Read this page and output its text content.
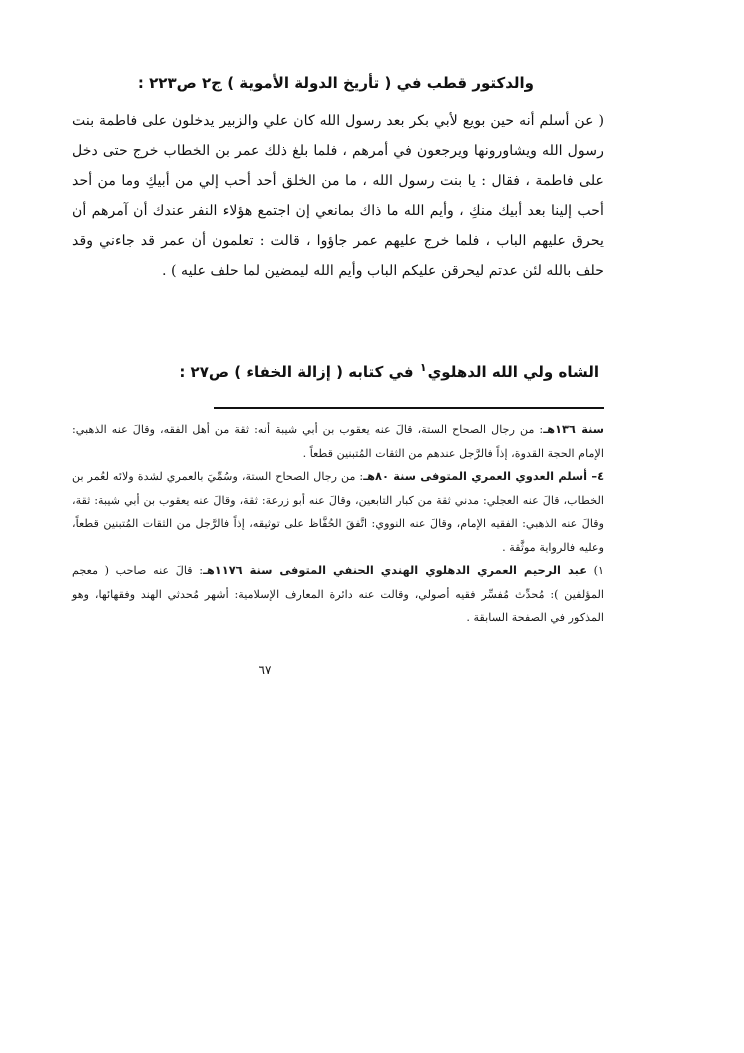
والدكتور قطب في ( تأريخ الدولة الأموية ) ج٢ ص٢٢٣ :

( عن أسلم أنه حين بويع لأبي بكر بعد رسول الله كان علي والزبير يدخلون على فاطمة بنت رسول الله ويشاورونها ويرجعون في أمرهم ، فلما بلغ ذلك عمر بن الخطاب خرج حتى دخل على فاطمة ، فقال : يا بنت رسول الله ، ما من الخلق أحد أحب إلي من أبيكِ وما من أحد أحب إلينا بعد أبيك منكِ ، وأيم الله ما ذاك بمانعي إن اجتمع هؤلاء النفر عندك أن آمرهم أن يحرق عليهم الباب ، فلما خرج عليهم عمر جاؤوا ، قالت : تعلمون أن عمر قد جاءني وقد حلف بالله لئن عدتم ليحرقن عليكم الباب وأيم الله ليمضين لما حلف عليه ) .

الشاه ولي الله الدهلوي$^١$ في كتابه ( إزالة الخفاء ) ص٢٧ :

سنة ١٣٦هـ: من رجال الصحاح الستة، قالَ عنه يعقوب بن أبي شيبة أنه: ثقة من أهل الفقه، وقالَ عنه الذهبي: الإمام الحجة القدوة، إذاً فالرَّجل عندهم من الثقات المُتبنين قطعاً .

٤– أسلم العدوي العمري المتوفى سنة ٨٠هـ: من رجال الصحاح الستة، وسُمِّيَ بالعمري لشدة ولائه لعُمر بن الخطاب، قالَ عنه العجلي: مدني ثقة من كبار التابعين، وقالَ عنه أبو زرعة: ثقة، وقالَ عنه يعقوب بن أبي شيبة: ثقة، وقالَ عنه الذهبي: الفقيه الإمام، وقالَ عنه النووي: اتَّفقَ الحُفَّاظ على توثيقه، إذاً فالرَّجل من الثقات المُتبنين قطعاً، وعليه فالرواية موثَّقة .

١) عبد الرحيم العمري الدهلوي الهندي الحنفي المتوفى سنة ١١٧٦هـ: قالَ عنه صاحب ( معجم المؤلفين ): مُحدِّث مُفسِّر فقيه أصولي، وقالت عنه دائرة المعارف الإسلامية: أشهر مُحدثي الهند وفقهائها، وهو المذكور في الصفحة السابقة .

٦٧
